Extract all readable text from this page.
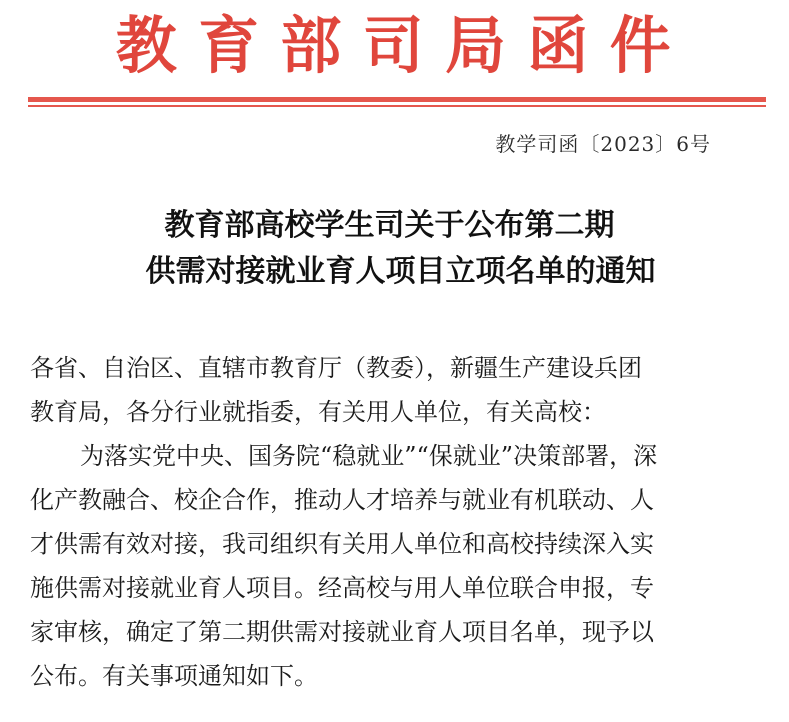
教育部司局函件
教学司函〔2023〕6号
教育部高校学生司关于公布第二期
供需对接就业育人项目立项名单的通知

各省、自治区、直辖市教育厅（教委），新疆生产建设兵团
教育局，各分行业就指委，有关用人单位，有关高校：

为落实党中央、国务院“稳就业”“保就业”决策部署，深
化产教融合、校企合作，推动人才培养与就业有机联动、人
才供需有效对接，我司组织有关用人单位和高校持续深入实
施供需对接就业育人项目。经高校与用人单位联合申报，专
家审核，确定了第二期供需对接就业育人项目名单，现予以
公布。有关事项通知如下。
